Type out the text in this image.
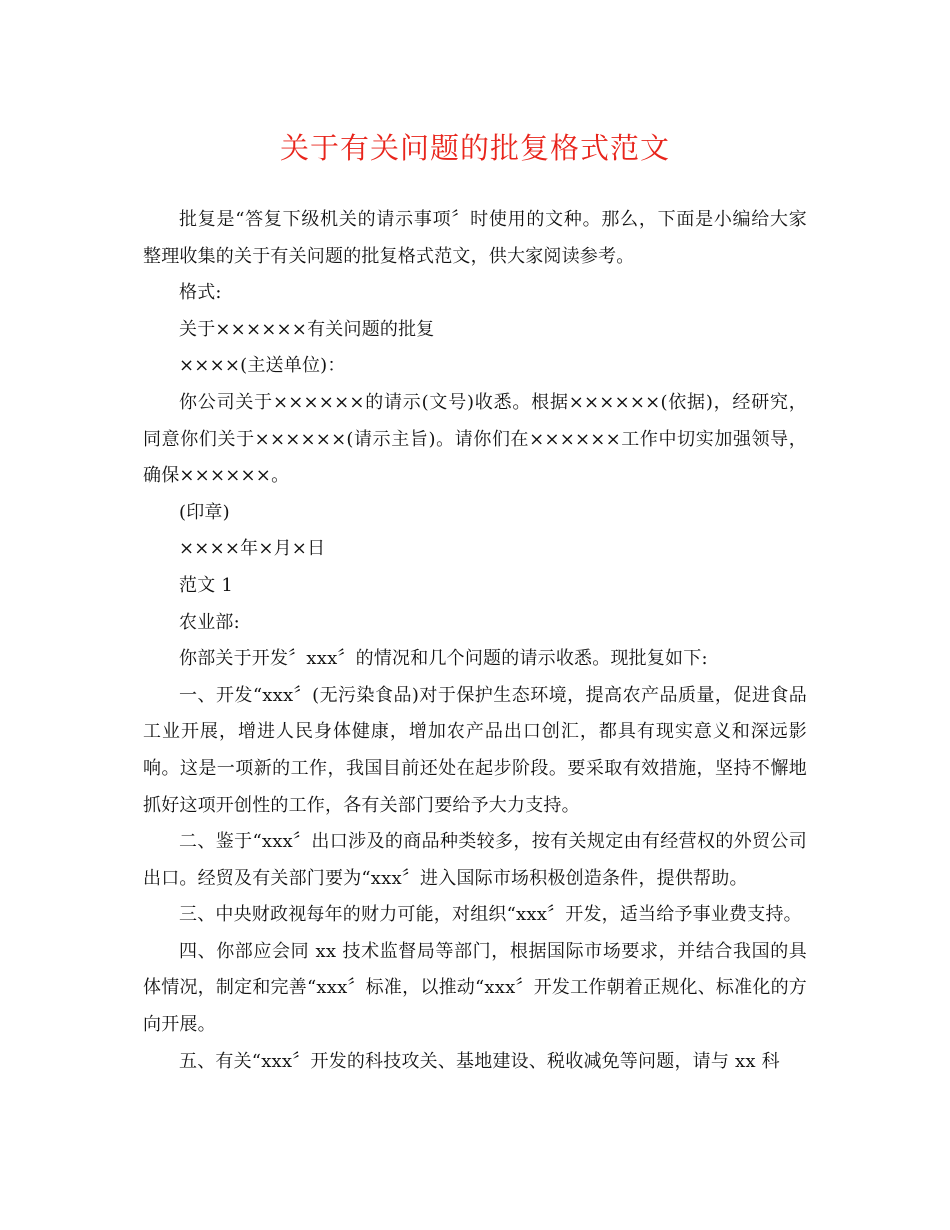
关于有关问题的批复格式范文

批复是“答复下级机关的请示事项〞时使用的文种。那么，下面是小编给大家整理收集的关于有关问题的批复格式范文，供大家阅读参考。

格式:

关于××××××有关问题的批复

××××(主送单位)：

你公司关于××××××的请示(文号)收悉。根据××××××(依据)，经研究，同意你们关于××××××(请示主旨)。请你们在××××××工作中切实加强领导，确保××××××。

(印章)

××××年×月×日

范文 1

农业部:

你部关于开发〞xxx〞的情况和几个问题的请示收悉。现批复如下:

一、开发“xxx〞(无污染食品)对于保护生态环境，提高农产品质量，促进食品工业开展，增进人民身体健康，增加农产品出口创汇，都具有现实意义和深远影响。这是一项新的工作，我国目前还处在起步阶段。要采取有效措施，坚持不懈地抓好这项开创性的工作，各有关部门要给予大力支持。

二、鉴于“xxx〞出口涉及的商品种类较多，按有关规定由有经营权的外贸公司出口。经贸及有关部门要为“xxx〞进入国际市场积极创造条件，提供帮助。

三、中央财政视每年的财力可能，对组织“xxx〞开发，适当给予事业费支持。

四、你部应会同 xx 技术监督局等部门，根据国际市场要求，并结合我国的具体情况，制定和完善“xxx〞标准，以推动“xxx〞开发工作朝着正规化、标准化的方向开展。

五、有关“xxx〞开发的科技攻关、基地建设、税收减免等问题，请与 xx 科
